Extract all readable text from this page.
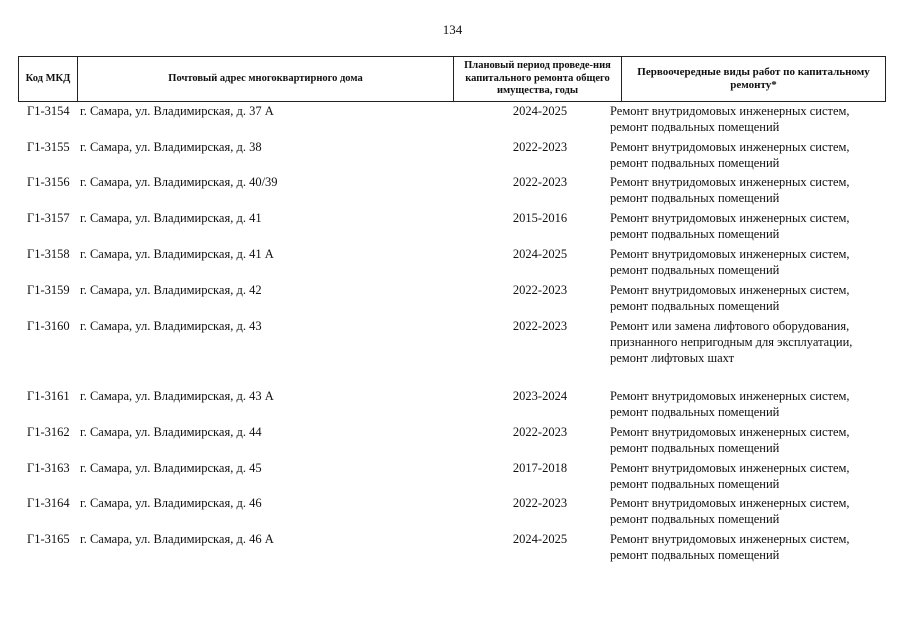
134
Код МКД	Почтовый адрес многоквартирного дома
Плановый период проведе-ния капитального ремонта общего имущества, годы
Первоочередные виды работ по капитальному ремонту*
Г1-3154 г. Самара, ул. Владимирская, д. 37 А	2024-2025	Ремонт внутридомовых инженерных систем,
ремонт подвальных помещений
Г1-3155 г. Самара, ул. Владимирская, д. 38	2022-2023	Ремонт внутридомовых инженерных систем,
ремонт подвальных помещений
Г1-3156 г. Самара, ул. Владимирская, д. 40/39	2022-2023	Ремонт внутридомовых инженерных систем,
ремонт подвальных помещений
Г1-3157 г. Самара, ул. Владимирская, д. 41	2015-2016	Ремонт внутридомовых инженерных систем,
ремонт подвальных помещений
Г1-3158 г. Самара, ул. Владимирская, д. 41 А	2024-2025	Ремонт внутридомовых инженерных систем,
ремонт подвальных помещений
Г1-3159 г. Самара, ул. Владимирская, д. 42	2022-2023	Ремонт внутридомовых инженерных систем,
ремонт подвальных помещений
Г1-3160 г. Самара, ул. Владимирская, д. 43	2022-2023	Ремонт или замена лифтового оборудования,
признанного непригодным для эксплуатации,
ремонт лифтовых шахт
Г1-3161 г. Самара, ул. Владимирская, д. 43 А	2023-2024	Ремонт внутридомовых инженерных систем,
ремонт подвальных помещений
Г1-3162 г. Самара, ул. Владимирская, д. 44	2022-2023	Ремонт внутридомовых инженерных систем,
ремонт подвальных помещений
Г1-3163 г. Самара, ул. Владимирская, д. 45	2017-2018	Ремонт внутридомовых инженерных систем,
ремонт подвальных помещений
Г1-3164 г. Самара, ул. Владимирская, д. 46	2022-2023	Ремонт внутридомовых инженерных систем,
ремонт подвальных помещений
Г1-3165 г. Самара, ул. Владимирская, д. 46 А	2024-2025	Ремонт внутридомовых инженерных систем,
ремонт подвальных помещений
